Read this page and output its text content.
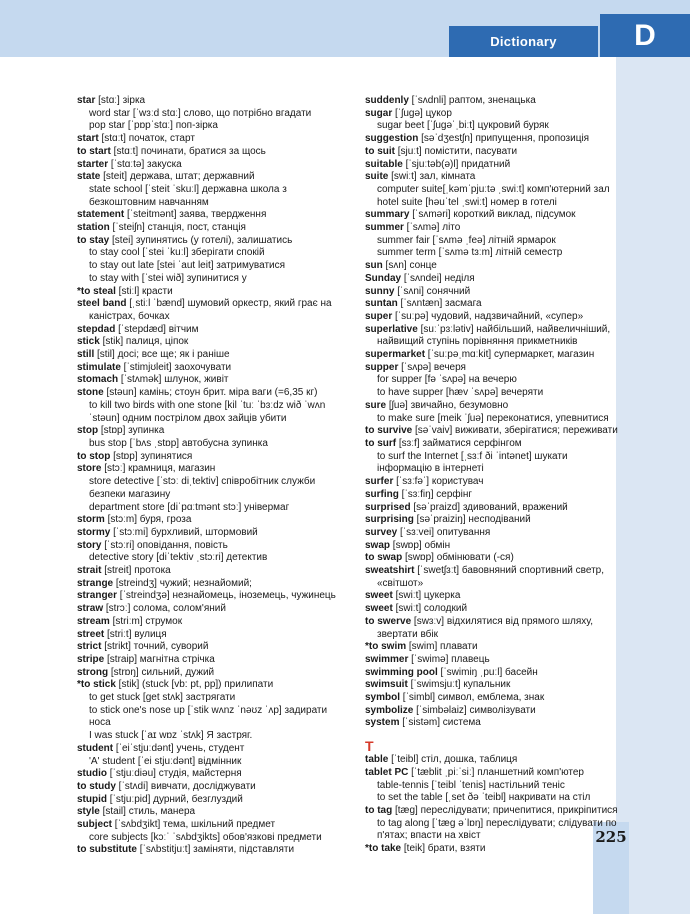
Dictionary	D
225
star [stɑː] зірка
word star [ˈwɜːd stɑː] слово, що потрібно вгадати
pop star [ˈpɒpˈstɑː] поп-зірка
start [stɑːt] початок, старт
to start [stɑːt] починати, братися за щось
starter [ˈstɑːtə] закуска
state [steit] держава, штат; державний
state school [ˈsteit ˈskuːl] державна школа з
безкоштовним навчанням
statement [ˈsteitmənt] заява, твердження
station [ˈsteiʃn] станція, пост, станція
to stay [stei] зупинятись (у готелі), залишатись
to stay cool [ˈstei ˈkuːl] зберігати спокій
to stay out late [stei ˈaut leit] затримуватися
to stay with [ˈstei wið] зупинитися у
*to steal [stiːl] красти
steel band [ˌstiːl ˈbænd] шумовий оркестр, який грає на
каністрах, бочках
stepdad [ˈstepdæd] вітчим
stick [stik] палиця, ціпок
still [stil] досі; все ще; як і раніше
stimulate [ˈstimjʊleit] заохочувати
stomach [ˈstʌmək] шлунок, живіт
stone [stəun] камінь; стоун брит. міра ваги (=6,35 кг)
to kill two birds with one stone [kil ˈtuː ˈbɜːdz wið ˈwʌn
ˈstəun] одним пострілом двох зайців убити
stop [stɒp] зупинка
bus stop [ˈbʌs ˌstɒp] автобусна зупинка
to stop [stɒp] зупинятися
store [stɔː] крамниця, магазин
store detective [ˈstɔː diˌtektiv] співробітник служби
безпеки магазину
department store [diˈpɑːtmənt stɔː] універмаг
storm [stɔːm] буря, гроза
stormy [ˈstɔːmi] бурхливий, штормовий
story [ˈstɔːri] оповідання, повість
detective story [diˈtektiv ˌstɔːri] детектив
strait [streit] протока
strange [streindʒ] чужий; незнайомий;
stranger [ˈstreindʒə] незнайомець, іноземець, чужинець
straw [strɔː] солома, солом'яний
stream [striːm] струмок
street [striːt] вулиця
strict [strikt] точний, суворий
stripe [straip] магнітна стрічка
strong [strɒŋ] сильний, дужий
*to stick [stik] (stuck [vb: pt, pp]) прилипати
to get stuck [get stʌk] застрягати
to stick one's nose up [ˈstik wʌnz ˈnəʊz ˈʌp] задирати
носа
I was stuck [ˈaɪ wɒz ˈstʌk] Я застряг.
student [ˈeiˈstjuːdənt] учень, студент
'A' student [ˈei stjuːdənt] відмінник
studio [ˈstjuːdiəu] студія, майстерня
to study [ˈstʌdi] вивчати, досліджувати
stupid [ˈstjuːpid] дурний, безглуздий
style [stail] стиль, манера
subject [ˈsʌbdʒikt] тема, шкільний предмет
core subjects [kɔːˈ ˈsʌbdʒikts] обов'язкові предмети
to substitute [ˈsʌbstitjuːt] заміняти, підставляти
suddenly [ˈsʌdnli] раптом, зненацька
sugar [ˈʃugə] цукор
sugar beet [ˈʃugəˈˌbiːt] цукровий буряк
suggestion [səˈdʒestʃn] припущення, пропозиція
to suit [sjuːt] помістити, пасувати
suitable [ˈsjuːtəb(ə)l] придатний
suite [swiːt] зал, кімната
computer suite[ˌkəmˈpjuːtə ˌswiːt] комп'ютерний зал
hotel suite [həuˈtel ˌswiːt] номер в готелі
summary [ˈsʌməri] короткий виклад, підсумок
summer [ˈsʌmə] літо
summer fair [ˈsʌmə ˌfeə] літній ярмарок
summer term [ˈsʌmə tɜːm] літній семестр
sun [sʌn] сонце
Sunday [ˈsʌndei] неділя
sunny [ˈsʌni] сонячний
suntan [ˈsʌntæn] засмага
super [ˈsuːpə] чудовий, надзвичайний, «супер»
superlative [suːˈpɜːlətiv] найбільший, найвеличніший,
найвищий ступінь порівняння прикметників
supermarket [ˈsuːpəˌmɑːkit] супермаркет, магазин
supper [ˈsʌpə] вечеря
for supper [fə ˈsʌpə] на вечерю
to have supper [hæv ˈsʌpə] вечеряти
sure [ʃuə] звичайно, безумовно
to make sure [meik ˈʃuə] переконатися, упевнитися
to survive [səˈvaiv] виживати, зберігатися; переживати
to surf [sɜːf] займатися серфінгом
to surf the Internet [ˌsɜːf ði ˈintənet] шукати
інформацію в інтернеті
surfer [ˈsɜːfəˈ] користувач
surfing [ˈsɜːfiŋ] серфінг
surprised [səˈpraizd] здивований, вражений
surprising [səˈpraiziŋ] несподіваний
survey [ˈsɜːvei] опитування
swap [swɒp] обмін
to swap [swɒp] обмінювати (-ся)
sweatshirt [ˈswetʃɜːt] бавовняний спортивний светр,
«світшот»
sweet [swiːt] цукерка
sweet [swiːt] солодкий
to swerve [swɜːv] відхилятися від прямого шляху,
звертати вбік
*to swim [swim] плавати
swimmer [ˈswimə] плавець
swimming pool [ˈswimiŋ ˌpuːl] басейн
swimsuit [ˈswimsjuːt] купальник
symbol [ˈsimbl] символ, емблема, знак
symbolize [ˈsimbəlaiz] символізувати
system [ˈsistəm] система
T
table [ˈteibl] стіл, дошка, таблиця
tablet PC [ˈtæblit ˌpiːˈsiː] планшетний комп'ютер
table-tennis [ˈteibl ˈtenis] настільний теніс
to set the table [ˌset ðə ˈteibl] накривати на стіл
to tag [tæg] переслідувати; причепитися, прикріпитися
to tag along [ˈtæg əˈlɒŋ] переслідувати; слідувати по
п'ятах; впасти на хвіст
*to take [teik] брати, взяти
